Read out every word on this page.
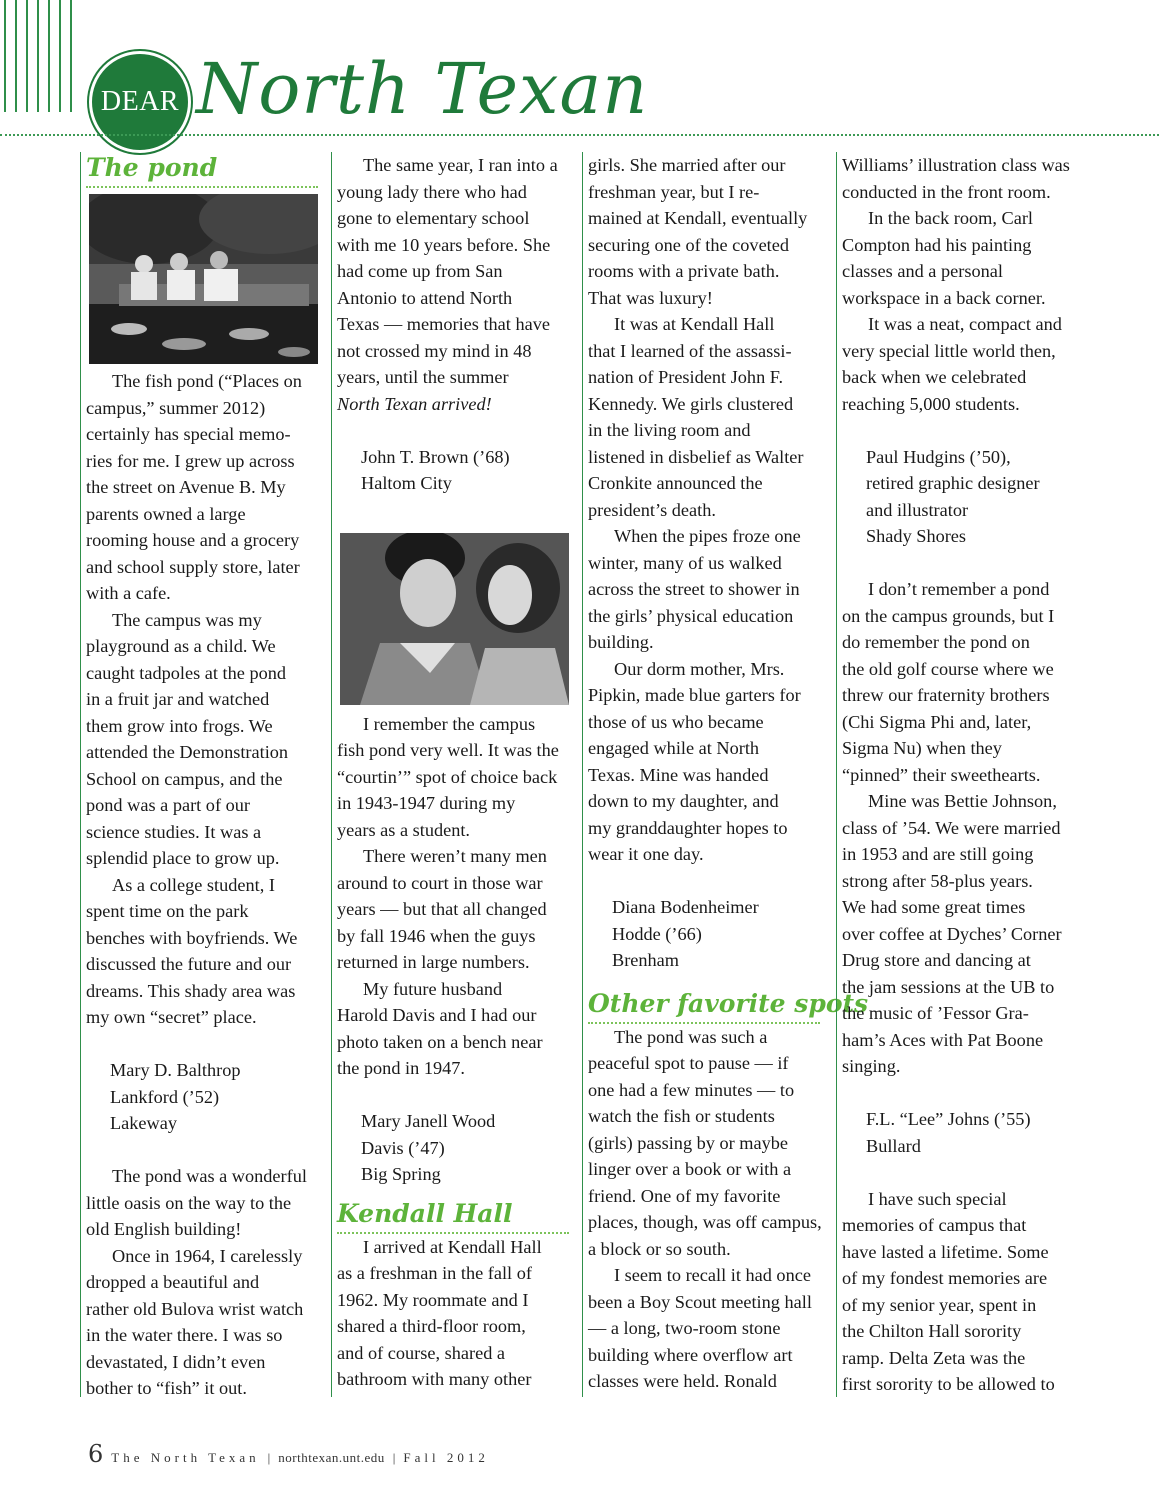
DEAR North Texan
The pond

The fish pond (“Places on

campus,” summer 2012)

certainly has special memo-

ries for me. I grew up across

the street on Avenue B. My

parents owned a large

rooming house and a grocery

and school supply store, later

with a cafe.

The campus was my

playground as a child. We

caught tadpoles at the pond

in a fruit jar and watched

them grow into frogs. We

attended the Demonstration

School on campus, and the

pond was a part of our

science studies. It was a

splendid place to grow up.

As a college student, I

spent time on the park

benches with boyfriends. We

discussed the future and our

dreams. This shady area was

my own “secret” place.

Mary D. Balthrop

Lankford (’52)

Lakeway

The pond was a wonderful

little oasis on the way to the

old English building!

Once in 1964, I carelessly

dropped a beautiful and

rather old Bulova wrist watch

in the water there. I was so

devastated, I didn’t even

bother to “fish” it out.

The same year, I ran into a

young lady there who had

gone to elementary school

with me 10 years before. She

had come up from San

Antonio to attend North

Texas — memories that have

not crossed my mind in 48

years, until the summer

North Texan arrived!

John T. Brown (’68)

Haltom City

I remember the campus

fish pond very well. It was the

“courtin’” spot of choice back

in 1943-1947 during my

years as a student.

There weren’t many men

around to court in those war

years — but that all changed

by fall 1946 when the guys

returned in large numbers.

My future husband

Harold Davis and I had our

photo taken on a bench near

the pond in 1947.

Mary Janell Wood

Davis (’47)

Big Spring

Kendall Hall

I arrived at Kendall Hall

as a freshman in the fall of

1962. My roommate and I

shared a third-floor room,

and of course, shared a

bathroom with many other

girls. She married after our

freshman year, but I re-

mained at Kendall, eventually

securing one of the coveted

rooms with a private bath.

That was luxury!

It was at Kendall Hall

that I learned of the assassi-

nation of President John F.

Kennedy. We girls clustered

in the living room and

listened in disbelief as Walter

Cronkite announced the

president’s death.

When the pipes froze one

winter, many of us walked

across the street to shower in

the girls’ physical education

building.

Our dorm mother, Mrs.

Pipkin, made blue garters for

those of us who became

engaged while at North

Texas. Mine was handed

down to my daughter, and

my granddaughter hopes to

wear it one day.

Diana Bodenheimer

Hodde (’66)

Brenham

Other favorite spots

The pond was such a

peaceful spot to pause — if

one had a few minutes — to

watch the fish or students

(girls) passing by or maybe

linger over a book or with a

friend. One of my favorite

places, though, was off campus,

a block or so south.

I seem to recall it had once

been a Boy Scout meeting hall

— a long, two-room stone

building where overflow art

classes were held. Ronald

Williams’ illustration class was

conducted in the front room.

In the back room, Carl

Compton had his painting

classes and a personal

workspace in a back corner.

It was a neat, compact and

very special little world then,

back when we celebrated

reaching 5,000 students.

Paul Hudgins (’50),

retired graphic designer

and illustrator

Shady Shores

I don’t remember a pond

on the campus grounds, but I

do remember the pond on

the old golf course where we

threw our fraternity brothers

(Chi Sigma Phi and, later,

Sigma Nu) when they

“pinned” their sweethearts.

Mine was Bettie Johnson,

class of ’54. We were married

in 1953 and are still going

strong after 58-plus years.

We had some great times

over coffee at Dyches’ Corner

Drug store and dancing at

the jam sessions at the UB to

the music of ’Fessor Gra-

ham’s Aces with Pat Boone

singing.

F.L. “Lee” Johns (’55)

Bullard

I have such special

memories of campus that

have lasted a lifetime. Some

of my fondest memories are

of my senior year, spent in

the Chilton Hall sorority

ramp. Delta Zeta was the

first sorority to be allowed to

6 The North Texan | northtexan.unt.edu | Fall 2012
